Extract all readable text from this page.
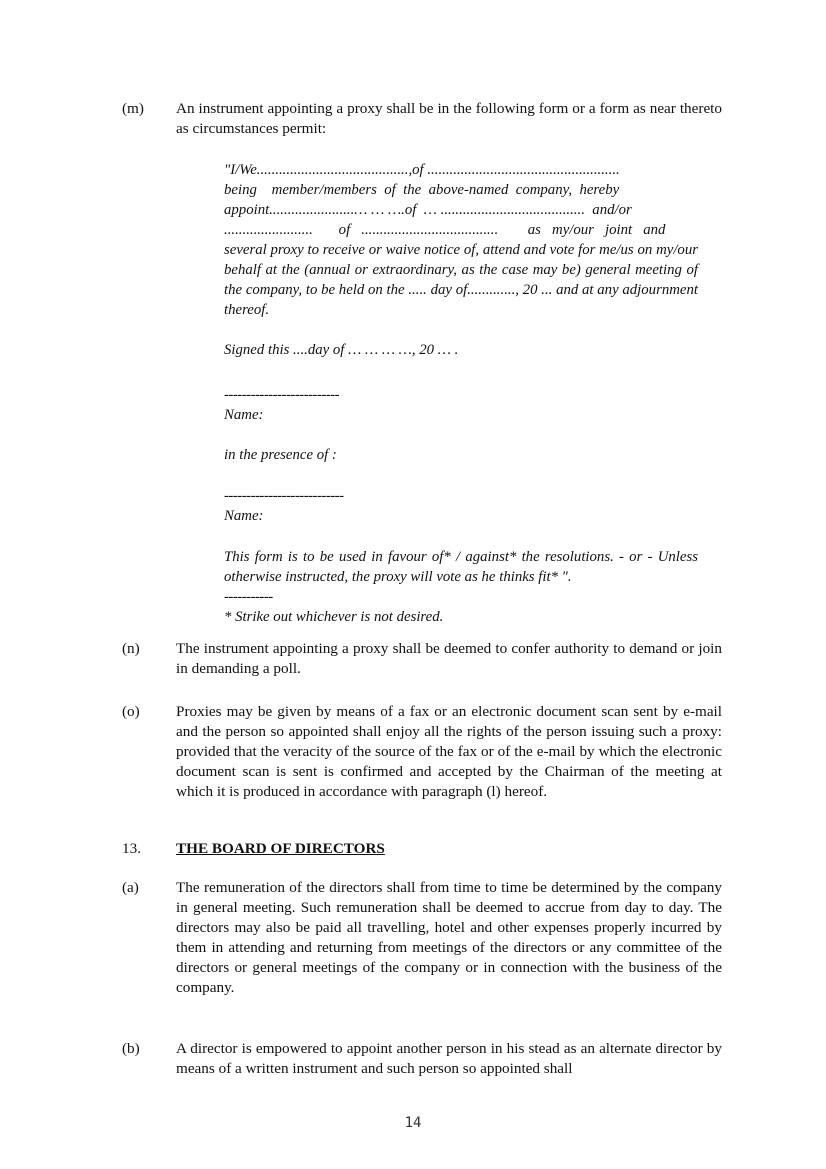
(m)	An instrument appointing a proxy shall be in the following form or a form as near thereto as circumstances permit:

"I/We.........................................,of ....................................................

being    member/members  of  the  above-named  company,  hereby

appoint.......................… … ….of  … .......................................  and/or

........................       of   .....................................        as   my/our   joint   and

several proxy to receive or waive notice of, attend and vote for me/us on my/our behalf at the (annual or extraordinary, as the case may be) general meeting of the company, to be held on the ..... day of............., 20 ... and at any adjournment thereof.

Signed this ....day of … … … …, 20 … .

--------------------------

Name:

in the presence of :

---------------------------

Name:

This form is to be used in favour of* / against* the resolutions. - or - Unless otherwise instructed, the proxy will vote as he thinks fit* ".

-----------

* Strike out whichever is not desired.

(n)	The instrument appointing a proxy shall be deemed to confer authority to demand or join in demanding a poll.
(o)	Proxies may be given by means of a fax or an electronic document scan sent by e-mail and the person so appointed shall enjoy all the rights of the person issuing such a proxy: provided that the veracity of the source of the fax or of the e-mail by which the electronic document scan is sent is confirmed and accepted by the Chairman of the meeting at which it is produced in accordance with paragraph (l) hereof.
13. THE BOARD OF DIRECTORS
(a)	The remuneration of the directors shall from time to time be determined by the company in general meeting. Such remuneration shall be deemed to accrue from day to day. The directors may also be paid all travelling, hotel and other expenses properly incurred by them in attending and returning from meetings of the directors or any committee of the directors or general meetings of the company or in connection with the business of the company.
(b)	A director is empowered to appoint another person in his stead as an alternate director by means of a written instrument and such person so appointed shall
14
